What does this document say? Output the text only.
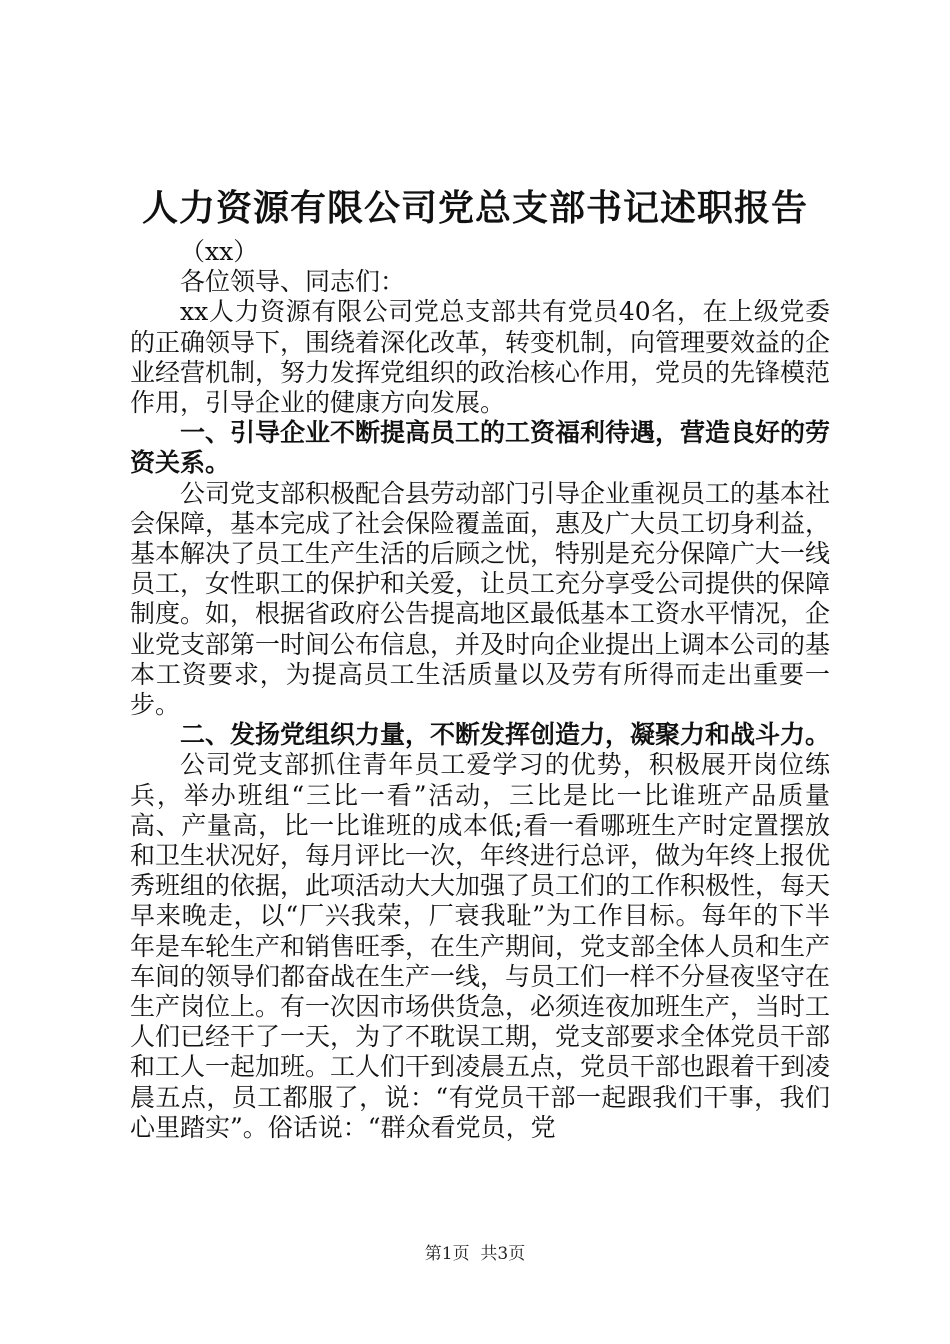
人力资源有限公司党总支部书记述职报告

（xx）

各位领导、同志们：

xx人力资源有限公司党总支部共有党员40名，在上级党委的正确领导下，围绕着深化改革，转变机制，向管理要效益的企业经营机制，努力发挥党组织的政治核心作用，党员的先锋模范作用，引导企业的健康方向发展。

一、引导企业不断提高员工的工资福利待遇，营造良好的劳资关系。

公司党支部积极配合县劳动部门引导企业重视员工的基本社会保障，基本完成了社会保险覆盖面，惠及广大员工切身利益，基本解决了员工生产生活的后顾之忧，特别是充分保障广大一线员工，女性职工的保护和关爱，让员工充分享受公司提供的保障制度。如，根据省政府公告提高地区最低基本工资水平情况，企业党支部第一时间公布信息，并及时向企业提出上调本公司的基本工资要求，为提高员工生活质量以及劳有所得而走出重要一步。

二、发扬党组织力量，不断发挥创造力，凝聚力和战斗力。

公司党支部抓住青年员工爱学习的优势，积极展开岗位练兵，举办班组“三比一看”活动，三比是比一比谁班产品质量高、产量高，比一比谁班的成本低;看一看哪班生产时定置摆放和卫生状况好，每月评比一次，年终进行总评，做为年终上报优秀班组的依据，此项活动大大加强了员工们的工作积极性，每天早来晚走，以“厂兴我荣，厂衰我耻”为工作目标。每年的下半年是车轮生产和销售旺季，在生产期间，党支部全体人员和生产车间的领导们都奋战在生产一线，与员工们一样不分昼夜坚守在生产岗位上。有一次因市场供货急，必须连夜加班生产，当时工人们已经干了一天，为了不耽误工期，党支部要求全体党员干部和工人一起加班。工人们干到凌晨五点，党员干部也跟着干到凌晨五点，员工都服了，说：“有党员干部一起跟我们干事，我们心里踏实”。俗话说：“群众看党员，党

第1页 共3页
